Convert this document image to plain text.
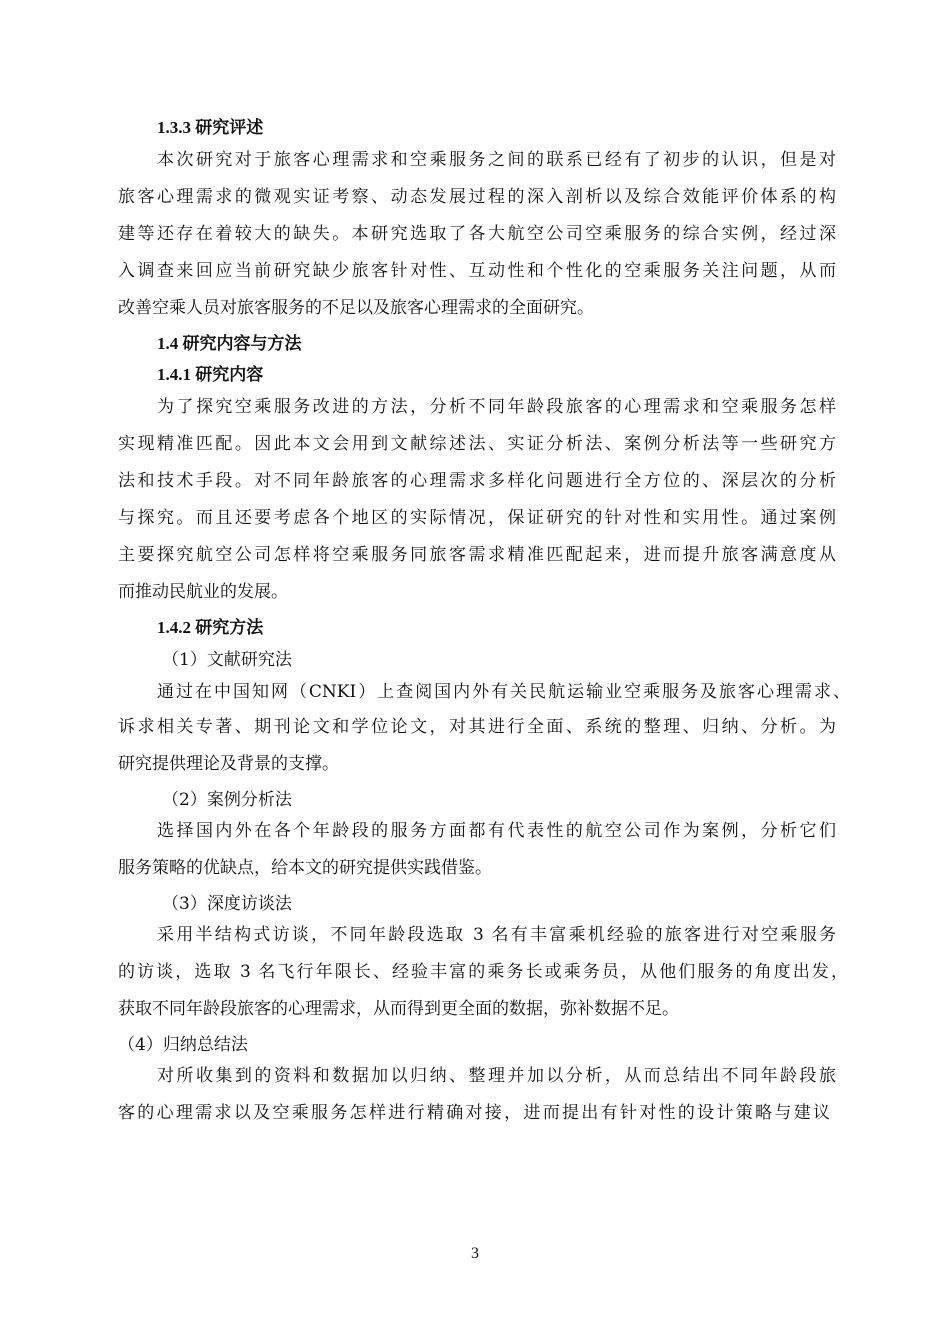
1.3.3 研究评述
本次研究对于旅客心理需求和空乘服务之间的联系已经有了初步的认识，但是对
旅客心理需求的微观实证考察、动态发展过程的深入剖析以及综合效能评价体系的构
建等还存在着较大的缺失。本研究选取了各大航空公司空乘服务的综合实例，经过深
入调查来回应当前研究缺少旅客针对性、互动性和个性化的空乘服务关注问题，从而
改善空乘人员对旅客服务的不足以及旅客心理需求的全面研究。
1.4 研究内容与方法
1.4.1 研究内容
为了探究空乘服务改进的方法，分析不同年龄段旅客的心理需求和空乘服务怎样
实现精准匹配。因此本文会用到文献综述法、实证分析法、案例分析法等一些研究方
法和技术手段。对不同年龄旅客的心理需求多样化问题进行全方位的、深层次的分析
与探究。而且还要考虑各个地区的实际情况，保证研究的针对性和实用性。通过案例
主要探究航空公司怎样将空乘服务同旅客需求精准匹配起来，进而提升旅客满意度从
而推动民航业的发展。
1.4.2 研究方法
（1）文献研究法
通过在中国知网（CNKI）上查阅国内外有关民航运输业空乘服务及旅客心理需求、
诉求相关专著、期刊论文和学位论文，对其进行全面、系统的整理、归纳、分析。为
研究提供理论及背景的支撑。
（2）案例分析法
选择国内外在各个年龄段的服务方面都有代表性的航空公司作为案例，分析它们
服务策略的优缺点，给本文的研究提供实践借鉴。
（3）深度访谈法
采用半结构式访谈，不同年龄段选取 3 名有丰富乘机经验的旅客进行对空乘服务
的访谈，选取 3 名飞行年限长、经验丰富的乘务长或乘务员，从他们服务的角度出发，
获取不同年龄段旅客的心理需求，从而得到更全面的数据，弥补数据不足。
（4）归纳总结法
对所收集到的资料和数据加以归纳、整理并加以分析，从而总结出不同年龄段旅
客的心理需求以及空乘服务怎样进行精确对接，进而提出有针对性的设计策略与建议
3
